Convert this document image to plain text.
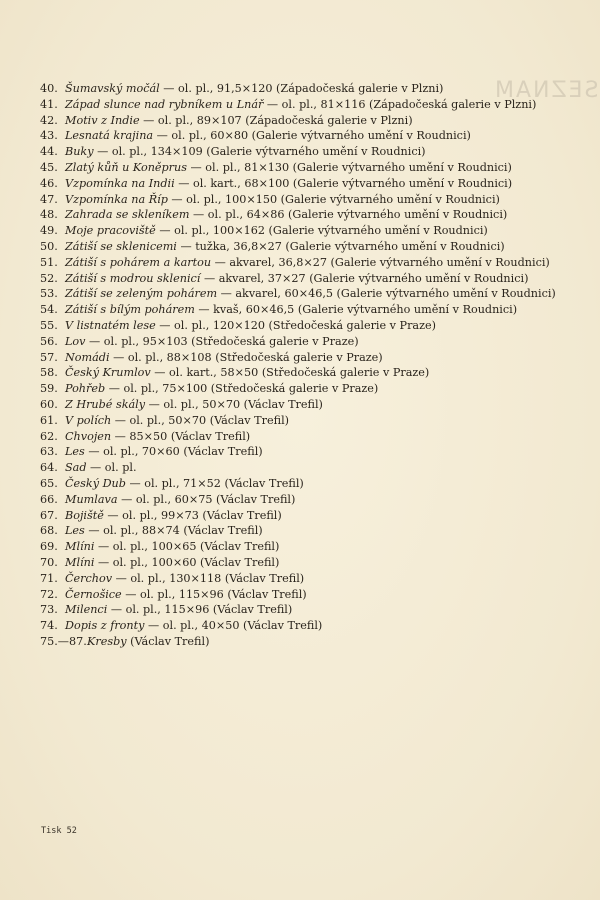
SEZNAM
40. Šumavský močál — ol. pl., 91,5×120 (Západočeská galerie v Plzni)
41. Západ slunce nad rybníkem u Lnář — ol. pl., 81×116 (Západočeská galerie v Plzni)
42. Motiv z Indie — ol. pl., 89×107 (Západočeská galerie v Plzni)
43. Lesnatá krajina — ol. pl., 60×80 (Galerie výtvarného umění v Roudnici)
44. Buky — ol. pl., 134×109 (Galerie výtvarného umění v Roudnici)
45. Zlatý kůň u Koněprus — ol. pl., 81×130 (Galerie výtvarného umění v Roudnici)
46. Vzpomínka na Indii — ol. kart., 68×100 (Galerie výtvarného umění v Roudnici)
47. Vzpomínka na Říp — ol. pl., 100×150 (Galerie výtvarného umění v Roudnici)
48. Zahrada se skleníkem — ol. pl., 64×86 (Galerie výtvarného umění v Roudnici)
49. Moje pracoviště — ol. pl., 100×162 (Galerie výtvarného umění v Roudnici)
50. Zátiší se sklenicemi — tužka, 36,8×27 (Galerie výtvarného umění v Roudnici)
51. Zátiší s pohárem a kartou — akvarel, 36,8×27 (Galerie výtvarného umění v Roudnici)
52. Zátiší s modrou sklenicí — akvarel, 37×27 (Galerie výtvarného umění v Roudnici)
53. Zátiší se zeleným pohárem — akvarel, 60×46,5 (Galerie výtvarného umění v Roudnici)
54. Zátiší s bílým pohárem — kvaš, 60×46,5 (Galerie výtvarného umění v Roudnici)
55. V listnatém lese — ol. pl., 120×120 (Středočeská galerie v Praze)
56. Lov — ol. pl., 95×103 (Středočeská galerie v Praze)
57. Nomádi — ol. pl., 88×108 (Středočeská galerie v Praze)
58. Český Krumlov — ol. kart., 58×50 (Středočeská galerie v Praze)
59. Pohřeb — ol. pl., 75×100 (Středočeská galerie v Praze)
60. Z Hrubé skály — ol. pl., 50×70 (Václav Trefil)
61. V polích — ol. pl., 50×70 (Václav Trefil)
62. Chvojen — 85×50 (Václav Trefil)
63. Les — ol. pl., 70×60 (Václav Trefil)
64. Sad — ol. pl.
65. Český Dub — ol. pl., 71×52 (Václav Trefil)
66. Mumlava — ol. pl., 60×75 (Václav Trefil)
67. Bojiště — ol. pl., 99×73 (Václav Trefil)
68. Les — ol. pl., 88×74 (Václav Trefil)
69. Mlíni — ol. pl., 100×65 (Václav Trefil)
70. Mlíni — ol. pl., 100×60 (Václav Trefil)
71. Čerchov — ol. pl., 130×118 (Václav Trefil)
72. Černošice — ol. pl., 115×96 (Václav Trefil)
73. Milenci — ol. pl., 115×96 (Václav Trefil)
74. Dopis z fronty — ol. pl., 40×50 (Václav Trefil)
75.—87. Kresby (Václav Trefil)
Tisk 52
